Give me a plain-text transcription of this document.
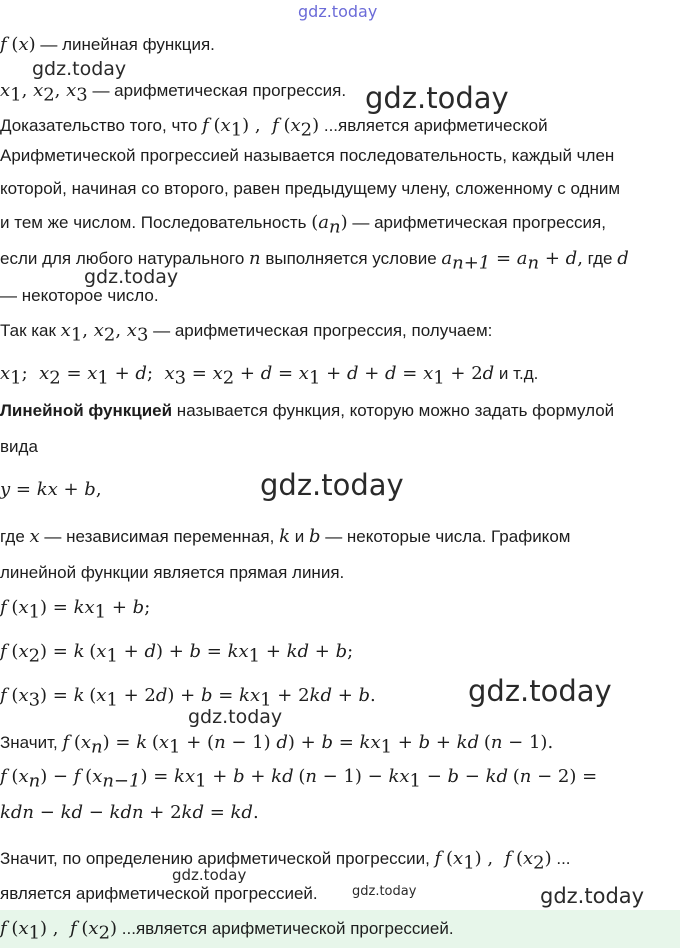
gdz.today
f (x) — линейная функция.
gdz.today
$x_1$, $x_2$, $x_3$ — арифметическая прогрессия. gdz.today
Доказательство того, что f $(x_1)$ ,  f $(x_2)$ ...является арифметической
Арифметической прогрессией называется последовательность, каждый член
которой, начиная со второго, равен предыдущему члену, сложенному с одним
и тем же числом. Последовательность $(a_n)$ — арифметическая прогрессия,
если для любого натурального n выполняется условие $a_{n+1} = a_n + d$, где d
gdz.today
— некоторое число.
Так как $x_1$, $x_2$, $x_3$ — арифметическая прогрессия, получаем:
$x_1$;  $x_2 = x_1 + d$;  $x_3 = x_2 + d = x_1 + d + d = x_1 + 2d$ и т.д.
Линейной функцией называется функция, которую можно задать формулой
вида
y = kx + b,	gdz.today
где x — независимая переменная, k и b — некоторые числа. Графиком
линейной функции является прямая линия.
f $(x_1) = kx_1 + b$;
f $(x_2) = k$ $(x_1 + d) + b = kx_1$ + kd + b;
f $(x_3) = k$ $(x_1 + 2d) + b = kx_1 + 2kd + b$.	gdz.today
gdz.today
Значит, f $(x_n) = k$ $(x_1 + (n - 1) d) + b = kx_1 + b$ + kd (n − 1).
f $(x_n) - f$ $(x_{n-1}) = kx_1 + b$ + kd $(n - 1) - kx_1 - b$ − kd (n − 2) =
kdn − kd − kdn + 2kd = kd.
Значит, по определению арифметической прогрессии, f $(x_1)$ ,  f $(x_2)$ ...
gdz.today
является арифметической прогрессией.	gdz.today	gdz.today
f $(x_1)$ ,  f $(x_2)$ ...является арифметической прогрессией.
